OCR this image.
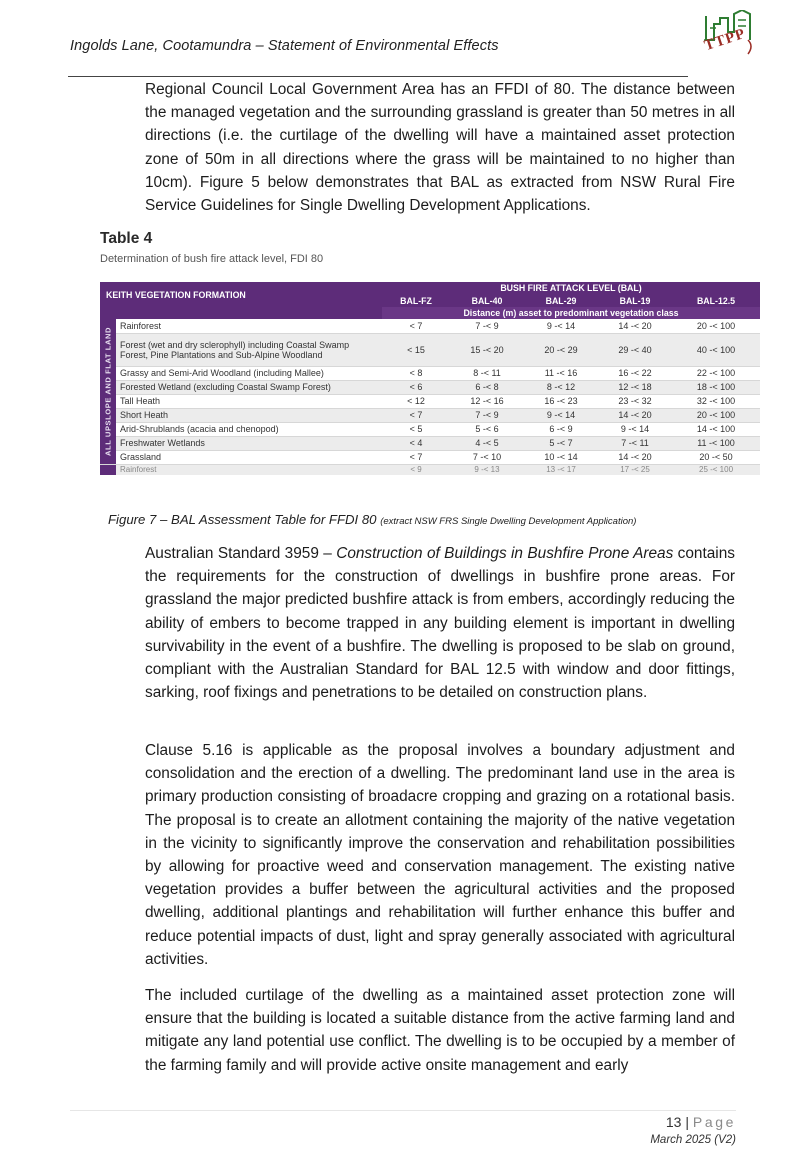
Ingolds Lane, Cootamundra – Statement of Environmental Effects	TTPP

Regional Council Local Government Area has an FFDI of 80. The distance between the managed vegetation and the surrounding grassland is greater than 50 metres in all directions (i.e. the curtilage of the dwelling will have a maintained asset protection zone of 50m in all directions where the grass will be maintained to no higher than 10cm). Figure 5 below demonstrates that BAL as extracted from NSW Rural Fire Service Guidelines for Single Dwelling Development Applications.

Table 4
Determination of bush fire attack level, FDI 80
KEITH VEGETATION FORMATION		BUSH FIRE ATTACK LEVEL (BAL)				
		BAL-FZ	BAL-40	BAL-29	BAL-19	BAL-12.5
		Distance (m) asset to predominant vegetation class				
ALL UPSLOPE AND FLAT LAND	Rainforest	< 7	7 -< 9	9 -< 14	14 -< 20	20 -< 100
	Forest (wet and dry sclerophyll) including Coastal Swamp Forest, Pine Plantations and Sub-Alpine Woodland	< 15	15 -< 20	20 -< 29	29 -< 40	40 -< 100
	Grassy and Semi-Arid Woodland (including Mallee)	< 8	8 -< 11	11 -< 16	16 -< 22	22 -< 100
	Forested Wetland (excluding Coastal Swamp Forest)	< 6	6 -< 8	8 -< 12	12 -< 18	18 -< 100
	Tall Heath	< 12	12 -< 16	16 -< 23	23 -< 32	32 -< 100
	Short Heath	< 7	7 -< 9	9 -< 14	14 -< 20	20 -< 100
	Arid-Shrublands (acacia and chenopod)	< 5	5 -< 6	6 -< 9	9 -< 14	14 -< 100
	Freshwater Wetlands	< 4	4 -< 5	5 -< 7	7 -< 11	11 -< 100
	Grassland	< 7	7 -< 10	10 -< 14	14 -< 20	20 -< 50
	Rainforest	< 9	9 -< 13	13 -< 17	17 -< 25	25 -< 100
Figure 7 – BAL Assessment Table for FFDI 80 (extract NSW FRS Single Dwelling Development Application)

Australian Standard 3959 – Construction of Buildings in Bushfire Prone Areas contains the requirements for the construction of dwellings in bushfire prone areas. For grassland the major predicted bushfire attack is from embers, accordingly reducing the ability of embers to become trapped in any building element is important in dwelling survivability in the event of a bushfire. The dwelling is proposed to be slab on ground, compliant with the Australian Standard for BAL 12.5 with window and door fittings, sarking, roof fixings and penetrations to be detailed on construction plans.

Clause 5.16 is applicable as the proposal involves a boundary adjustment and consolidation and the erection of a dwelling. The predominant land use in the area is primary production consisting of broadacre cropping and grazing on a rotational basis. The proposal is to create an allotment containing the majority of the native vegetation in the vicinity to significantly improve the conservation and rehabilitation possibilities by allowing for proactive weed and conservation management. The existing native vegetation provides a buffer between the agricultural activities and the proposed dwelling, additional plantings and rehabilitation will further enhance this buffer and reduce potential impacts of dust, light and spray generally associated with agricultural activities.

The included curtilage of the dwelling as a maintained asset protection zone will ensure that the building is located a suitable distance from the active farming land and mitigate any land potential use conflict. The dwelling is to be occupied by a member of the farming family and will provide active onsite management and early

13 | Page
March 2025 (V2)
